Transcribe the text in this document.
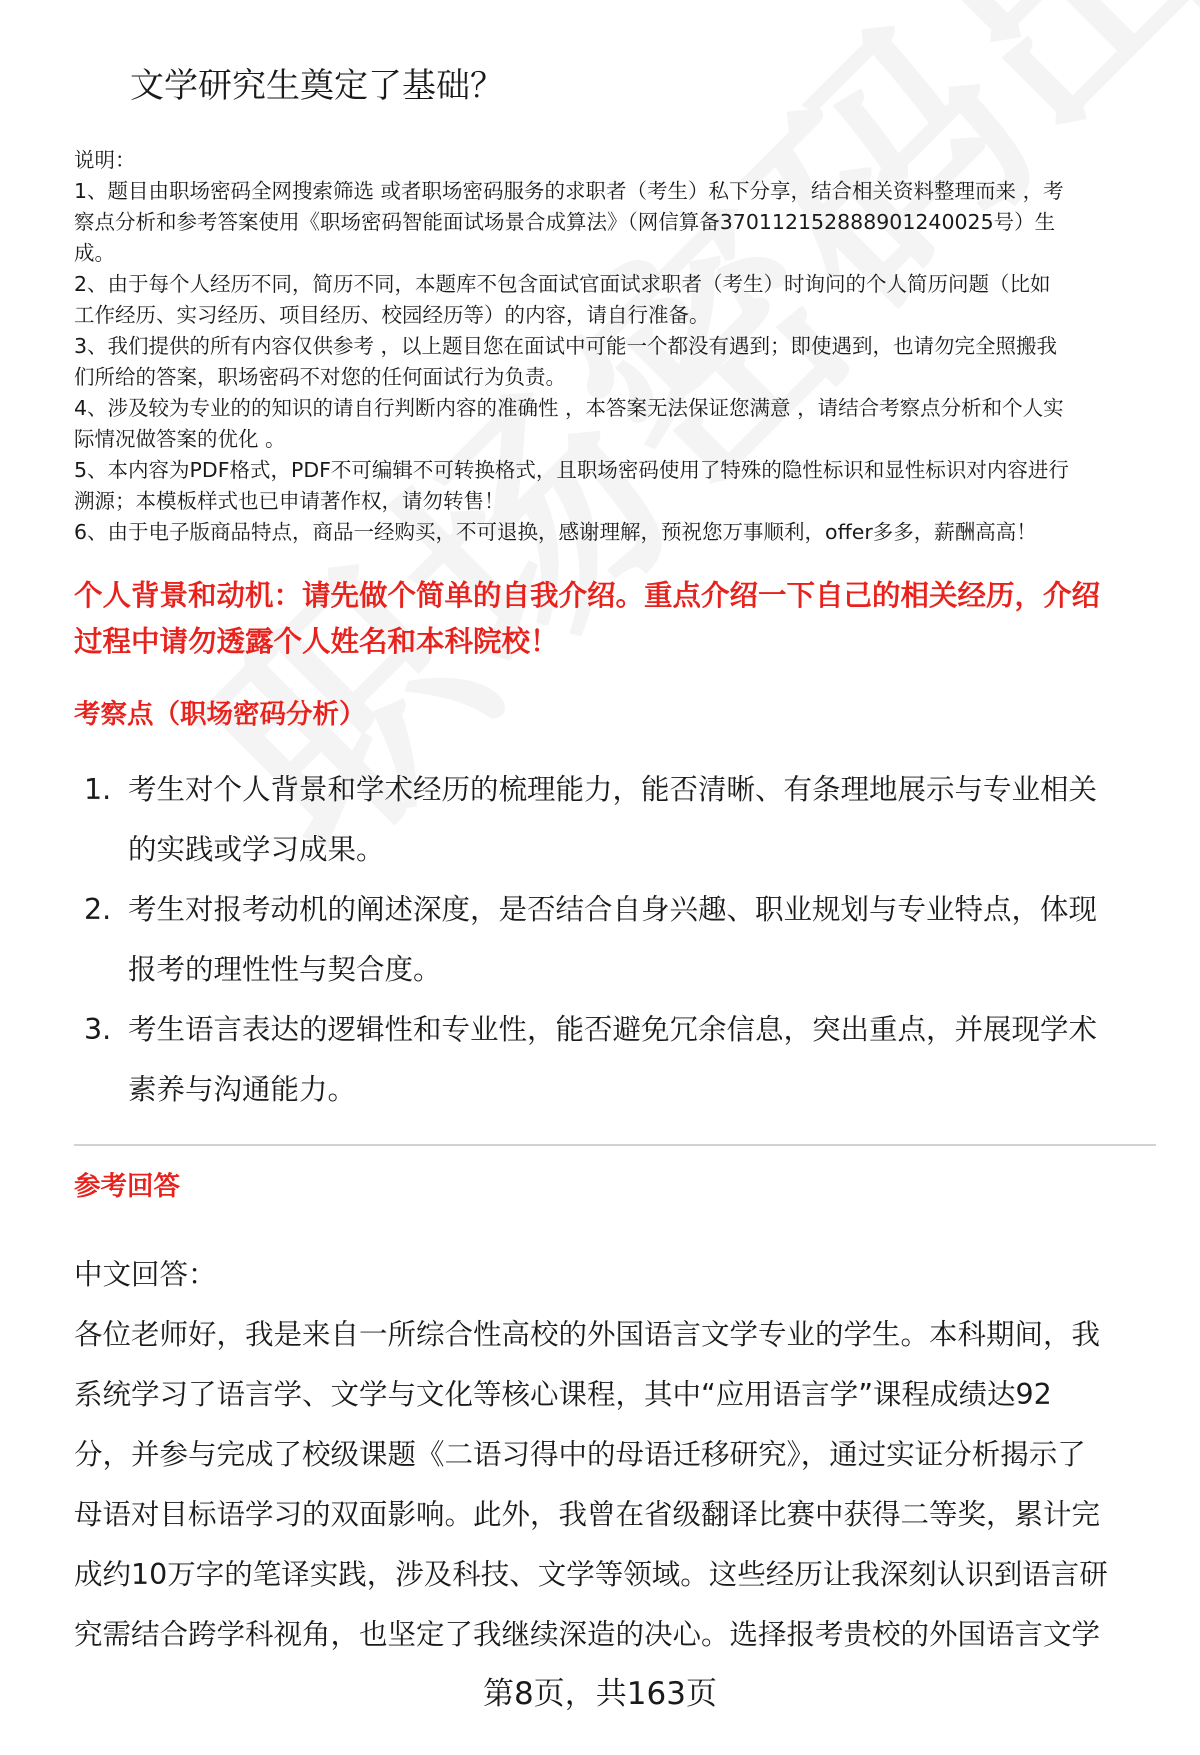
文学研究生奠定了基础？

说明：

1、题目由职场密码全网搜索筛选 或者职场密码服务的求职者（考生）私下分享，结合相关资料整理而来 ，考

察点分析和参考答案使用《职场密码智能面试场景合成算法》（网信算备370112152888901240025号）生

成。

2、由于每个人经历不同，简历不同，本题库不包含面试官面试求职者（考生）时询问的个人简历问题（比如

工作经历、实习经历、项目经历、校园经历等）的内容，请自行准备。

3、我们提供的所有内容仅供参考 ，以上题目您在面试中可能一个都没有遇到；即使遇到，也请勿完全照搬我

们所给的答案，职场密码不对您的任何面试行为负责。

4、涉及较为专业的的知识的请自行判断内容的准确性 ，本答案无法保证您满意 ，请结合考察点分析和个人实

际情况做答案的优化 。

5、本内容为PDF格式，PDF不可编辑不可转换格式，且职场密码使用了特殊的隐性标识和显性标识对内容进行

溯源；本模板样式也已申请著作权，请勿转售！

6、由于电子版商品特点，商品一经购买，不可退换，感谢理解，预祝您万事顺利，offer多多，薪酬高高！

个人背景和动机：请先做个简单的自我介绍。重点介绍一下自己的相关经历，介绍

过程中请勿透露个人姓名和本科院校！

考察点（职场密码分析）
1. 考生对个人背景和学术经历的梳理能力，能否清晰、有条理地展示与专业相关

的实践或学习成果。

2. 考生对报考动机的阐述深度，是否结合自身兴趣、职业规划与专业特点，体现

报考的理性性与契合度。

3. 考生语言表达的逻辑性和专业性，能否避免冗余信息，突出重点，并展现学术

素养与沟通能力。

参考回答

中文回答：

各位老师好，我是来自一所综合性高校的外国语言文学专业的学生。本科期间，我

系统学习了语言学、文学与文化等核心课程，其中“应用语言学”课程成绩达92

分，并参与完成了校级课题《二语习得中的母语迁移研究》，通过实证分析揭示了

母语对目标语学习的双面影响。此外，我曾在省级翻译比赛中获得二等奖，累计完

成约10万字的笔译实践，涉及科技、文学等领域。这些经历让我深刻认识到语言研

究需结合跨学科视角，也坚定了我继续深造的决心。选择报考贵校的外国语言文学

第8页，共163页
